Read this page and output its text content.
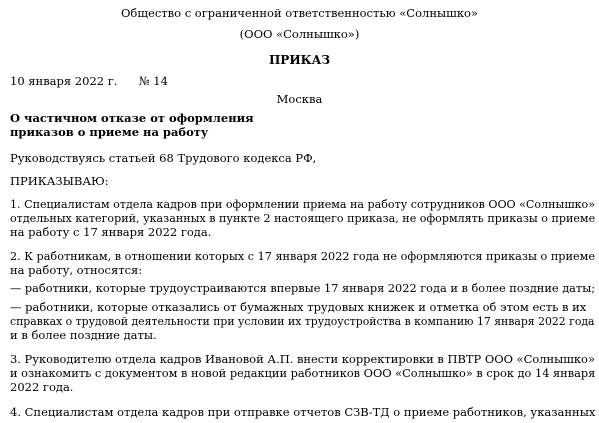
Общество с ограниченной ответственностью «Солнышко»
(ООО «Солнышко»)
ПРИКАЗ
10 января 2022 г. № 14
Москва
О частичном отказе от оформления
приказов о приеме на работу
Руководствуясь статьей 68 Трудового кодекса РФ,
ПРИКАЗЫВАЮ:
1. Специалистам отдела кадров при оформлении приема на работу сотрудников ООО «Солнышко»
отдельных категорий, указанных в пункте 2 настоящего приказа, не оформлять приказы о приеме
на работу с 17 января 2022 года.
2. К работникам, в отношении которых с 17 января 2022 года не оформляются приказы о приеме
на работу, относятся:
— работники, которые трудоустраиваются впервые 17 января 2022 года и в более поздние даты;
— работники, которые отказались от бумажных трудовых книжек и отметка об этом есть в их
справках о трудовой деятельности при условии их трудоустройства в компанию 17 января 2022 года
и в более поздние даты.
3. Руководителю отдела кадров Ивановой А.П. внести корректировки в ПВТР ООО «Солнышко»
и ознакомить с документом в новой редакции работников ООО «Солнышко» в срок до 14 января
2022 года.
4. Специалистам отдела кадров при отправке отчетов СЗВ-ТД о приеме работников, указанных
